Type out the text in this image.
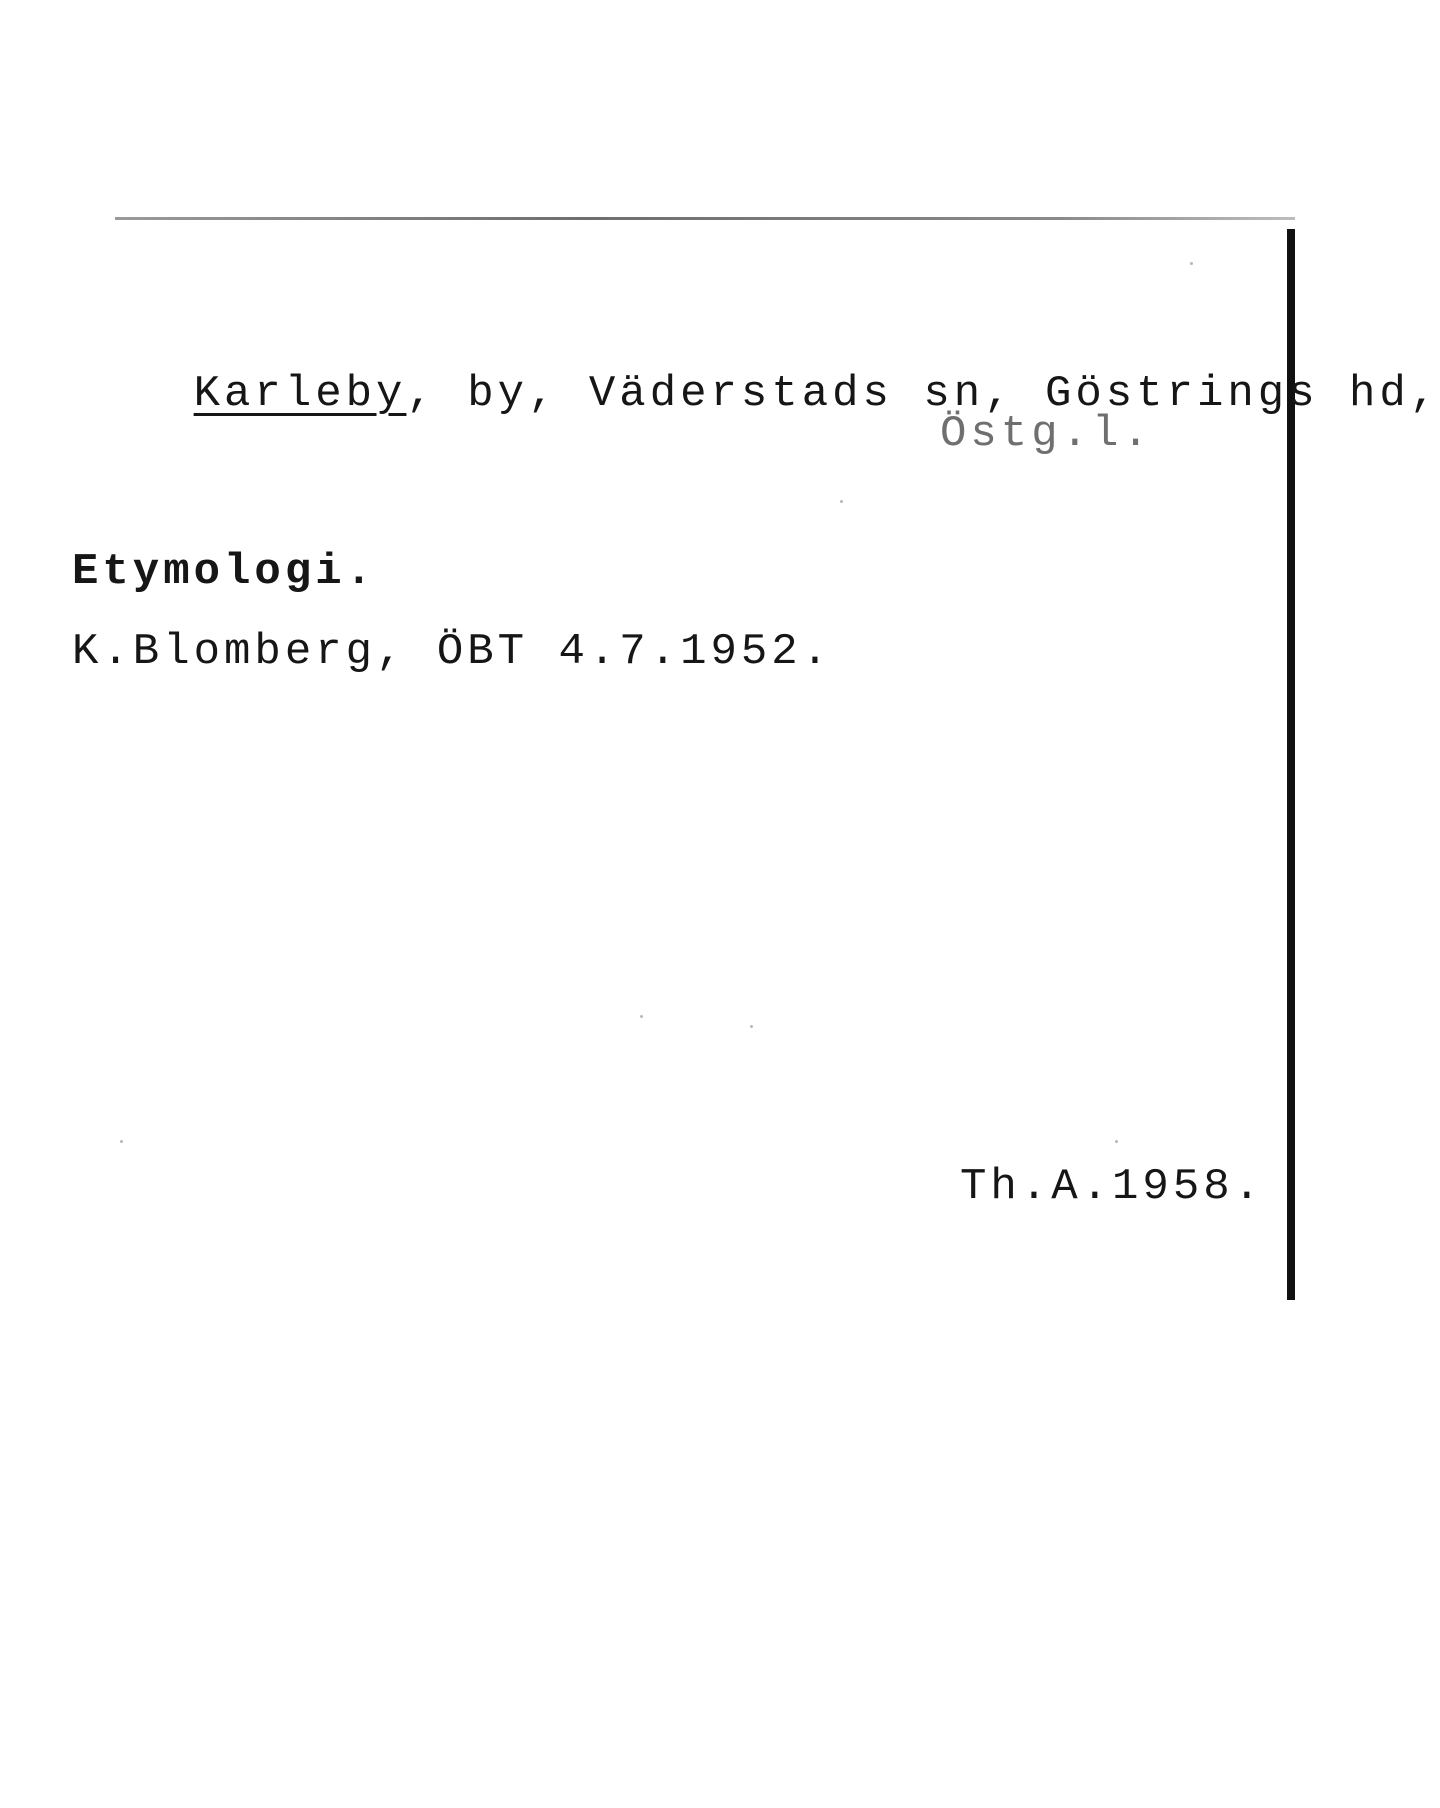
Karleby, by, Väderstads sn, Göstrings hd,

Östg.l.
Etymologi.
K.Blomberg, ÖBT 4.7.1952.
Th.A.1958.
